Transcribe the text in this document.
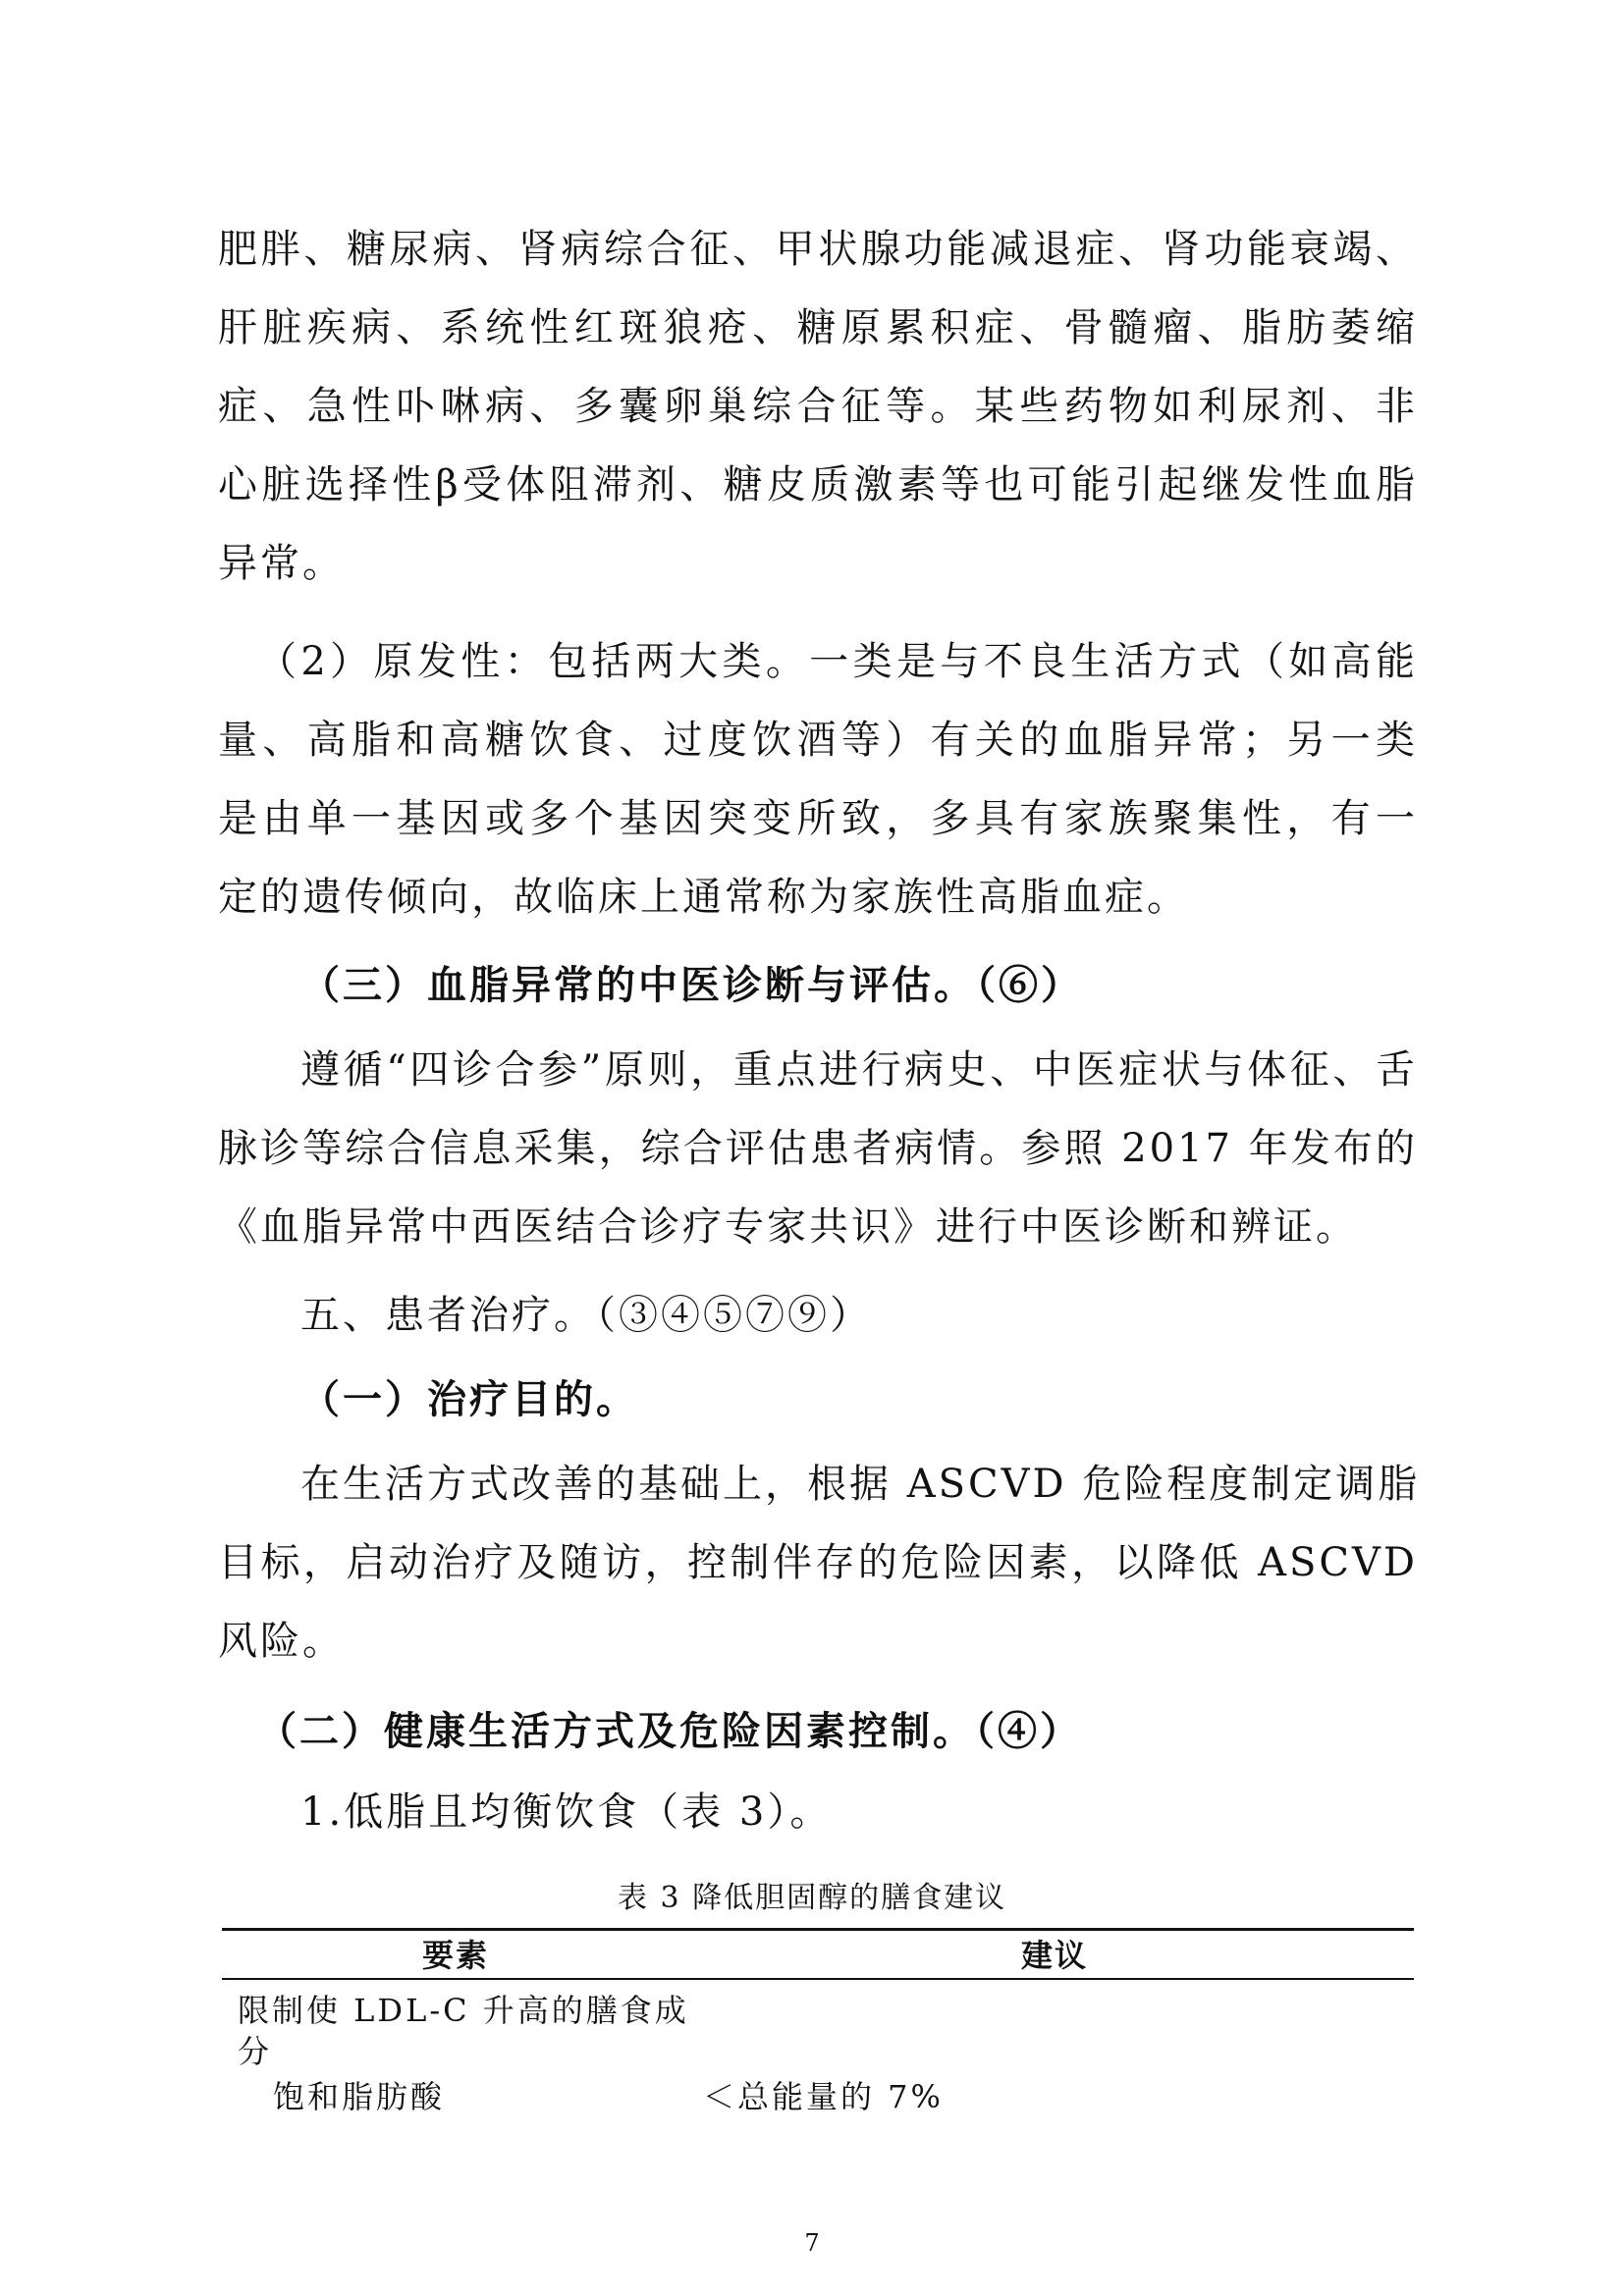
肥胖、糖尿病、肾病综合征、甲状腺功能减退症、肾功能衰竭、
肝脏疾病、系统性红斑狼疮、糖原累积症、骨髓瘤、脂肪萎缩
症、急性卟啉病、多囊卵巢综合征等。某些药物如利尿剂、非
心脏选择性β受体阻滞剂、糖皮质激素等也可能引起继发性血脂
异常。
（2）原发性：包括两大类。一类是与不良生活方式（如高能
量、高脂和高糖饮食、过度饮酒等）有关的血脂异常；另一类
是由单一基因或多个基因突变所致，多具有家族聚集性，有一
定的遗传倾向，故临床上通常称为家族性高脂血症。
（三）血脂异常的中医诊断与评估。（⑥）
遵循“四诊合参”原则，重点进行病史、中医症状与体征、舌
脉诊等综合信息采集，综合评估患者病情。参照 2017 年发布的
《血脂异常中西医结合诊疗专家共识》进行中医诊断和辨证。
五、患者治疗。（③④⑤⑦⑨）
（一）治疗目的。
在生活方式改善的基础上，根据 ASCVD 危险程度制定调脂
目标，启动治疗及随访，控制伴存的危险因素，以降低 ASCVD
风险。
（二）健康生活方式及危险因素控制。（④）
1.低脂且均衡饮食（表 3）。
表 3 降低胆固醇的膳食建议
要素	建议
限制使 LDL-C 升高的膳食成
分
饱和脂肪酸	＜总能量的 7%
7
